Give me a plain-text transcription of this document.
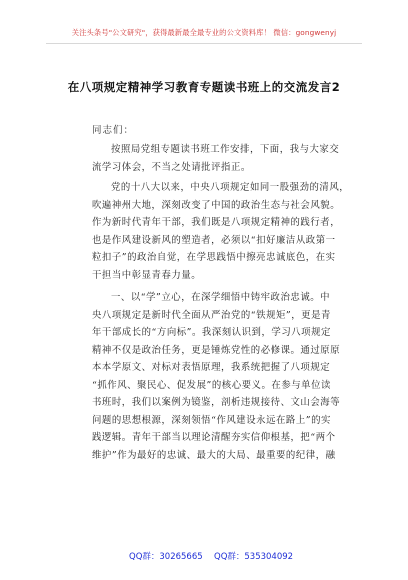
关注头条号"公文研究"，获得最新最全最专业的公文资料库！ 微信：gongwenyj
在八项规定精神学习教育专题读书班上的交流发言2
同志们：
按照局党组专题读书班工作安排，下面，我与大家交
流学习体会，不当之处请批评指正。
党的十八大以来，中央八项规定如同一股强劲的清风，
吹遍神州大地，深刻改变了中国的政治生态与社会风貌。
作为新时代青年干部，我们既是八项规定精神的践行者，
也是作风建设新风的塑造者，必须以“扣好廉洁从政第一
粒扣子”的政治自觉，在学思践悟中擦亮忠诚底色，在实
干担当中彰显青春力量。
一、以“学”立心，在深学细悟中铸牢政治忠诚。中
央八项规定是新时代全面从严治党的“铁规矩”，更是青
年干部成长的“方向标”。我深刻认识到，学习八项规定
精神不仅是政治任务，更是锤炼党性的必修课。通过原原
本本学原文、对标对表悟原理，我系统把握了八项规定
“抓作风、聚民心、促发展”的核心要义。在参与单位读
书班时，我们以案例为镜鉴，剖析违规接待、文山会海等
问题的思想根源，深刻领悟“作风建设永远在路上”的实
践逻辑。青年干部当以理论清醒夯实信仰根基，把“两个
维护”作为最好的忠诚、最大的大局、最重要的纪律，融
QQ群：30265665 QQ群：535304092
